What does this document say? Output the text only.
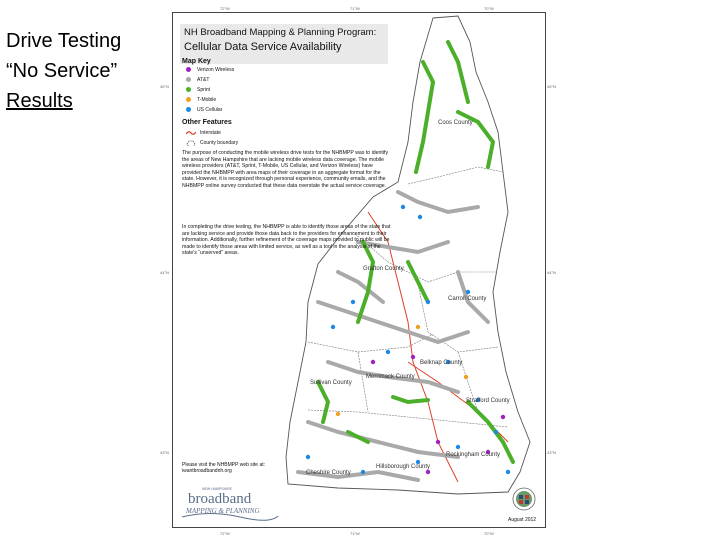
Drive Testing
“No Service”
Results
72°W	71°W	70°W
45°N
44°N
43°N
45°N
44°N
43°N
72°W	71°W	70°W
Coos County
Grafton County
Carroll County
Belknap County
Merrimack County
Sullivan County
Strafford County
Rockingham County
Cheshire County
Hillsborough County
NH Broadband Mapping & Planning Program:
Cellular Data Service Availability
Map Key
Verizon Wireless
AT&T
Sprint
T-Mobile
US Cellular
Other Features
Interstate
County boundary
The purpose of conducting the mobile wireless drive tests for the NHBMPP was to identify the areas of New Hampshire that are lacking mobile wireless data coverage. The mobile wireless providers (AT&T, Sprint, T-Mobile, US Cellular, and Verizon Wireless) have provided the NHBMPP with area maps of their coverage in an aggregate format for the state. However, it is recognized through personal experience, community emails, and the NHBMPP online survey conducted that these data overstate the actual service coverage.
In completing the drive testing, the NHBMPP is able to identify those areas of the state that are lacking service and provide those data back to the providers for enhancement to their information. Additionally, further refinement of the coverage maps provided to public will be made to identify those areas with limited service, as well as a tool in the analysis of the state's “unserved” areas.
Please visit the NHBMPP web site at: iwantbroadbandnh.org
NEW HAMPSHIRE
broadband
MAPPING & PLANNING
August 2012
